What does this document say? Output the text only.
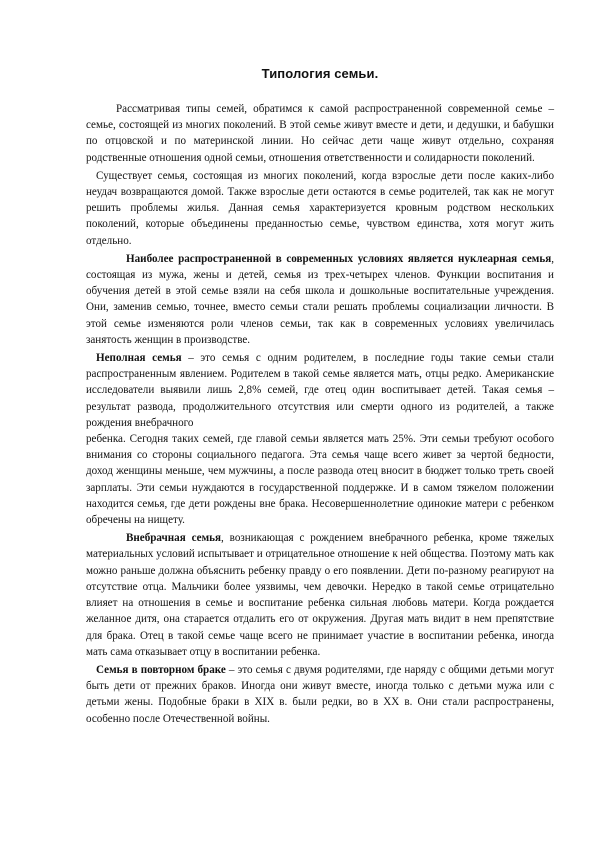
Типология семьи.

Рассматривая типы семей, обратимся к самой распространенной современной семье – семье, состоящей из многих поколений. В этой семье живут вместе и дети, и дедушки, и бабушки по отцовской и по материнской линии. Но сейчас дети чаще живут отдельно, сохраняя родственные отношения одной семьи, отношения ответственности и солидарности поколений.

Существует семья, состоящая из многих поколений, когда взрослые дети после каких-либо неудач возвращаются домой. Также взрослые дети остаются в семье родителей, так как не могут решить проблемы жилья. Данная семья характеризуется кровным родством нескольких поколений, которые объединены преданностью семье, чувством единства, хотя могут жить отдельно.

Наиболее распространенной в современных условиях является нуклеарная семья, состоящая из мужа, жены и детей, семья из трех-четырех членов. Функции воспитания и обучения детей в этой семье взяли на себя школа и дошкольные воспитательные учреждения. Они, заменив семью, точнее, вместо семьи стали решать проблемы социализации личности. В этой семье изменяются роли членов семьи, так как в современных условиях увеличилась занятость женщин в производстве.

Неполная семья – это семья с одним родителем, в последние годы такие семьи стали распространенным явлением. Родителем в такой семье является мать, отцы редко. Американские исследователи выявили лишь 2,8% семей, где отец один воспитывает детей. Такая семья – результат развода, продолжительного отсутствия или смерти одного из родителей, а также рождения внебрачного

ребенка. Сегодня таких семей, где главой семьи является мать 25%. Эти семьи требуют особого внимания со стороны социального педагога. Эта семья чаще всего живет за чертой бедности, доход женщины меньше, чем мужчины, а после развода отец вносит в бюджет только треть своей зарплаты. Эти семьи нуждаются в государственной поддержке. И в самом тяжелом положении находится семья, где дети рождены вне брака. Несовершеннолетние одинокие матери с ребенком обречены на нищету.

Внебрачная семья, возникающая с рождением внебрачного ребенка, кроме тяжелых материальных условий испытывает и отрицательное отношение к ней общества. Поэтому мать как можно раньше должна объяснить ребенку правду о его появлении. Дети по-разному реагируют на отсутствие отца. Мальчики более уязвимы, чем девочки. Нередко в такой семье отрицательно влияет на отношения в семье и воспитание ребенка сильная любовь матери. Когда рождается желанное дитя, она старается отдалить его от окружения. Другая мать видит в нем препятствие для брака. Отец в такой семье чаще всего не принимает участие в воспитании ребенка, иногда мать сама отказывает отцу в воспитании ребенка.

Семья в повторном браке – это семья с двумя родителями, где наряду с общими детьми могут быть дети от прежних браков. Иногда они живут вместе, иногда только с детьми мужа или с детьми жены. Подобные браки в XIX в. были редки, во в XX в. Они стали распространены, особенно после Отечественной войны.
